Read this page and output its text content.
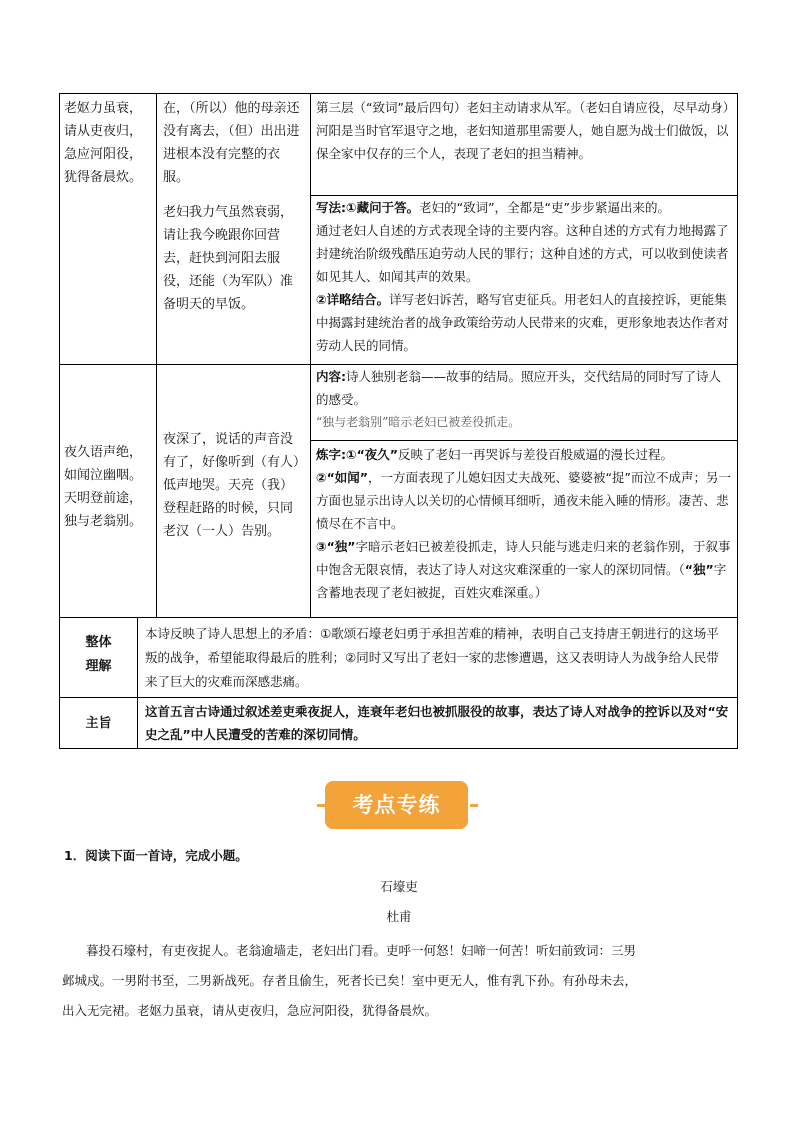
老妪力虽衰，请从吏夜归，急应河阳役，犹得备晨炊。

在，（所以）他的母亲还没有离去，（但）出出进进根本没有完整的衣服。

老妇我力气虽然衰弱，请让我今晚跟你回营去，赶快到河阳去服役，还能（为军队）准备明天的早饭。

第三层（“致词”最后四句）老妇主动请求从军。（老妇自请应役，尽早动身）

河阳是当时官军退守之地，老妇知道那里需要人，她自愿为战士们做饭，以保全家中仅存的三个人，表现了老妇的担当精神。

写法:①藏问于答。老妇的“致词”，全都是“吏”步步紧逼出来的。

通过老妇人自述的方式表现全诗的主要内容。这种自述的方式有力地揭露了封建统治阶级残酷压迫劳动人民的罪行；这种自述的方式，可以收到使读者如见其人、如闻其声的效果。

②详略结合。详写老妇诉苦，略写官吏征兵。用老妇人的直接控诉，更能集中揭露封建统治者的战争政策给劳动人民带来的灾难，更形象地表达作者对劳动人民的同情。

夜久语声绝，如闻泣幽咽。天明登前途，独与老翁别。
夜深了，说话的声音没有了，好像听到（有人）低声地哭。天亮（我）登程赶路的时候，只同老汉（一人）告别。

内容:诗人独别老翁——故事的结局。照应开头，交代结局的同时写了诗人的感受。

“独与老翁别”暗示老妇已被差役抓走。

炼字:①“夜久”反映了老妇一再哭诉与差役百般威逼的漫长过程。

②“如闻”，一方面表现了儿媳妇因丈夫战死、婆婆被“捉”而泣不成声；另一方面也显示出诗人以关切的心情倾耳细听，通夜未能入睡的情形。凄苦、悲愤尽在不言中。

③“独”字暗示老妇已被差役抓走，诗人只能与逃走归来的老翁作别，于叙事中饱含无限哀情，表达了诗人对这灾难深重的一家人的深切同情。（“独”字含蓄地表现了老妇被捉，百姓灾难深重。）

整体理解
本诗反映了诗人思想上的矛盾：①歌颂石壕老妇勇于承担苦难的精神，表明自己支持唐王朝进行的这场平叛的战争，希望能取得最后的胜利；②同时又写出了老妇一家的悲惨遭遇，这又表明诗人为战争给人民带来了巨大的灾难而深感悲痛。
主旨
这首五言古诗通过叙述差吏乘夜捉人，连衰年老妇也被抓服役的故事，表达了诗人对战争的控诉以及对“安史之乱”中人民遭受的苦难的深切同情。
考点专练
1．阅读下面一首诗，完成小题。
石壕吏
杜甫
暮投石壕村，有吏夜捉人。老翁逾墙走，老妇出门看。吏呼一何怒！妇啼一何苦！听妇前致词：三男
邺城戍。一男附书至，二男新战死。存者且偷生，死者长已矣！室中更无人，惟有乳下孙。有孙母未去，
出入无完裙。老妪力虽衰，请从吏夜归，急应河阳役，犹得备晨炊。
